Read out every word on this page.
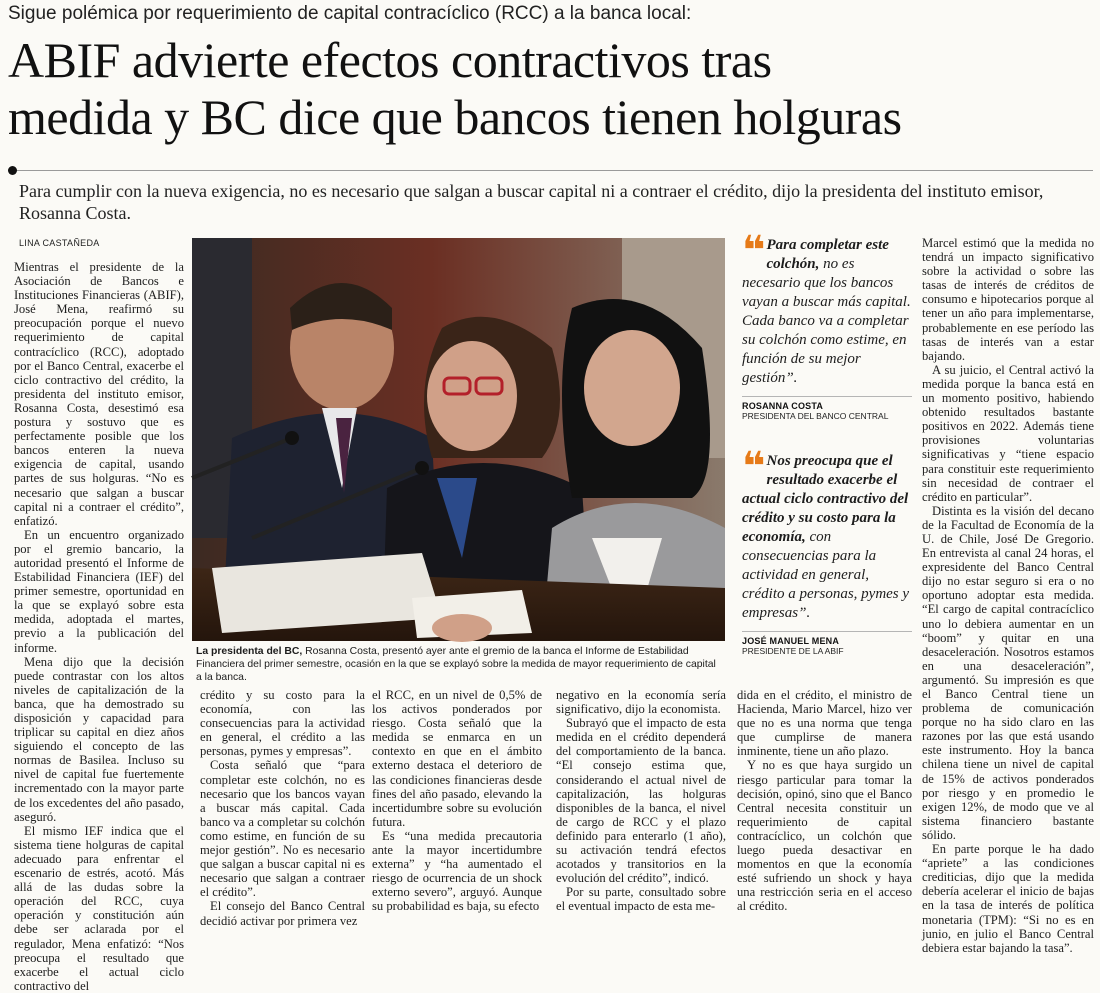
Sigue polémica por requerimiento de capital contracíclico (RCC) a la banca local:
ABIF advierte efectos contractivos tras
medida y BC dice que bancos tienen holguras
Para cumplir con la nueva exigencia, no es necesario que salgan a buscar capital ni a contraer el crédito, dijo la presidenta del instituto emisor, Rosanna Costa.
LINA CASTAÑEDA

Mientras el presidente de la Asociación de Bancos e Instituciones Financieras (ABIF), José Mena, reafirmó su preocupación porque el nuevo requerimiento de capital contracíclico (RCC), adoptado por el Banco Central, exacerbe el ciclo contractivo del crédito, la presidenta del instituto emisor, Rosanna Costa, desestimó esa postura y sostuvo que es perfectamente posible que los bancos enteren la nueva exigencia de capital, usando partes de sus holguras. “No es necesario que salgan a buscar capital ni a contraer el crédito”, enfatizó.

En un encuentro organizado por el gremio bancario, la autoridad presentó el Informe de Estabilidad Financiera (IEF) del primer semestre, oportunidad en la que se explayó sobre esta medida, adoptada el martes, previo a la publicación del informe.

Mena dijo que la decisión puede contrastar con los altos niveles de capitalización de la banca, que ha demostrado su disposición y capacidad para triplicar su capital en diez años siguiendo el concepto de las normas de Basilea. Incluso su nivel de capital fue fuertemente incrementado con la mayor parte de los excedentes del año pasado, aseguró.

El mismo IEF indica que el sistema tiene holguras de capital adecuado para enfrentar el escenario de estrés, acotó. Más allá de las dudas sobre la operación del RCC, cuya operación y constitución aún debe ser aclarada por el regulador, Mena enfatizó: “Nos preocupa el resultado que exacerbe el actual ciclo contractivo del

La presidenta del BC, Rosanna Costa, presentó ayer ante el gremio de la banca el Informe de Estabilidad Financiera del primer semestre, ocasión en la que se explayó sobre la medida de mayor requerimiento de capital a la banca.
❝ Para completar este colchón, no es necesario que los bancos vayan a buscar más capital. Cada banco va a completar su colchón como estime, en función de su mejor gestión”.
ROSANNA COSTA
PRESIDENTA DEL BANCO CENTRAL
❝ Nos preocupa que el resultado exacerbe el actual ciclo contractivo del crédito y su costo para la economía, con consecuencias para la actividad en general, crédito a personas, pymes y empresas”.
JOSÉ MANUEL MENA
PRESIDENTE DE LA ABIF

crédito y su costo para la economía, con las consecuencias para la actividad en general, el crédito a las personas, pymes y empresas”.

Costa señaló que “para completar este colchón, no es necesario que los bancos vayan a buscar más capital. Cada banco va a completar su colchón como estime, en función de su mejor gestión”. No es necesario que salgan a buscar capital ni es necesario que salgan a contraer el crédito”.

El consejo del Banco Central decidió activar por primera vez

el RCC, en un nivel de 0,5% de los activos ponderados por riesgo. Costa señaló que la medida se enmarca en un contexto en que en el ámbito externo destaca el deterioro de las condiciones financieras desde fines del año pasado, elevando la incertidumbre sobre su evolución futura.

Es “una medida precautoria ante la mayor incertidumbre externa” y “ha aumentado el riesgo de ocurrencia de un shock externo severo”, arguyó. Aunque su probabilidad es baja, su efecto

negativo en la economía sería significativo, dijo la economista.

Subrayó que el impacto de esta medida en el crédito dependerá del comportamiento de la banca. “El consejo estima que, considerando el actual nivel de capitalización, las holguras disponibles de la banca, el nivel de cargo de RCC y el plazo definido para enterarlo (1 año), su activación tendrá efectos acotados y transitorios en la evolución del crédito”, indicó.

Por su parte, consultado sobre el eventual impacto de esta me-

dida en el crédito, el ministro de Hacienda, Mario Marcel, hizo ver que no es una norma que tenga que cumplirse de manera inminente, tiene un año plazo.

Y no es que haya surgido un riesgo particular para tomar la decisión, opinó, sino que el Banco Central necesita constituir un requerimiento de capital contracíclico, un colchón que luego pueda desactivar en momentos en que la economía esté sufriendo un shock y haya una restricción seria en el acceso al crédito.

Marcel estimó que la medida no tendrá un impacto significativo sobre la actividad o sobre las tasas de interés de créditos de consumo e hipotecarios porque al tener un año para implementarse, probablemente en ese período las tasas de interés van a estar bajando.

A su juicio, el Central activó la medida porque la banca está en un momento positivo, habiendo obtenido resultados bastante positivos en 2022. Además tiene provisiones voluntarias significativas y “tiene espacio para constituir este requerimiento sin necesidad de contraer el crédito en particular”.

Distinta es la visión del decano de la Facultad de Economía de la U. de Chile, José De Gregorio. En entrevista al canal 24 horas, el expresidente del Banco Central dijo no estar seguro si era o no oportuno adoptar esta medida. “El cargo de capital contracíclico uno lo debiera aumentar en un “boom” y quitar en una desaceleración. Nosotros estamos en una desaceleración”, argumentó. Su impresión es que el Banco Central tiene un problema de comunicación porque no ha sido claro en las razones por las que está usando este instrumento. Hoy la banca chilena tiene un nivel de capital de 15% de activos ponderados por riesgo y en promedio le exigen 12%, de modo que ve al sistema financiero bastante sólido.

En parte porque le ha dado “apriete” a las condiciones crediticias, dijo que la medida debería acelerar el inicio de bajas en la tasa de interés de política monetaria (TPM): “Si no es en junio, en julio el Banco Central debiera estar bajando la tasa”.
